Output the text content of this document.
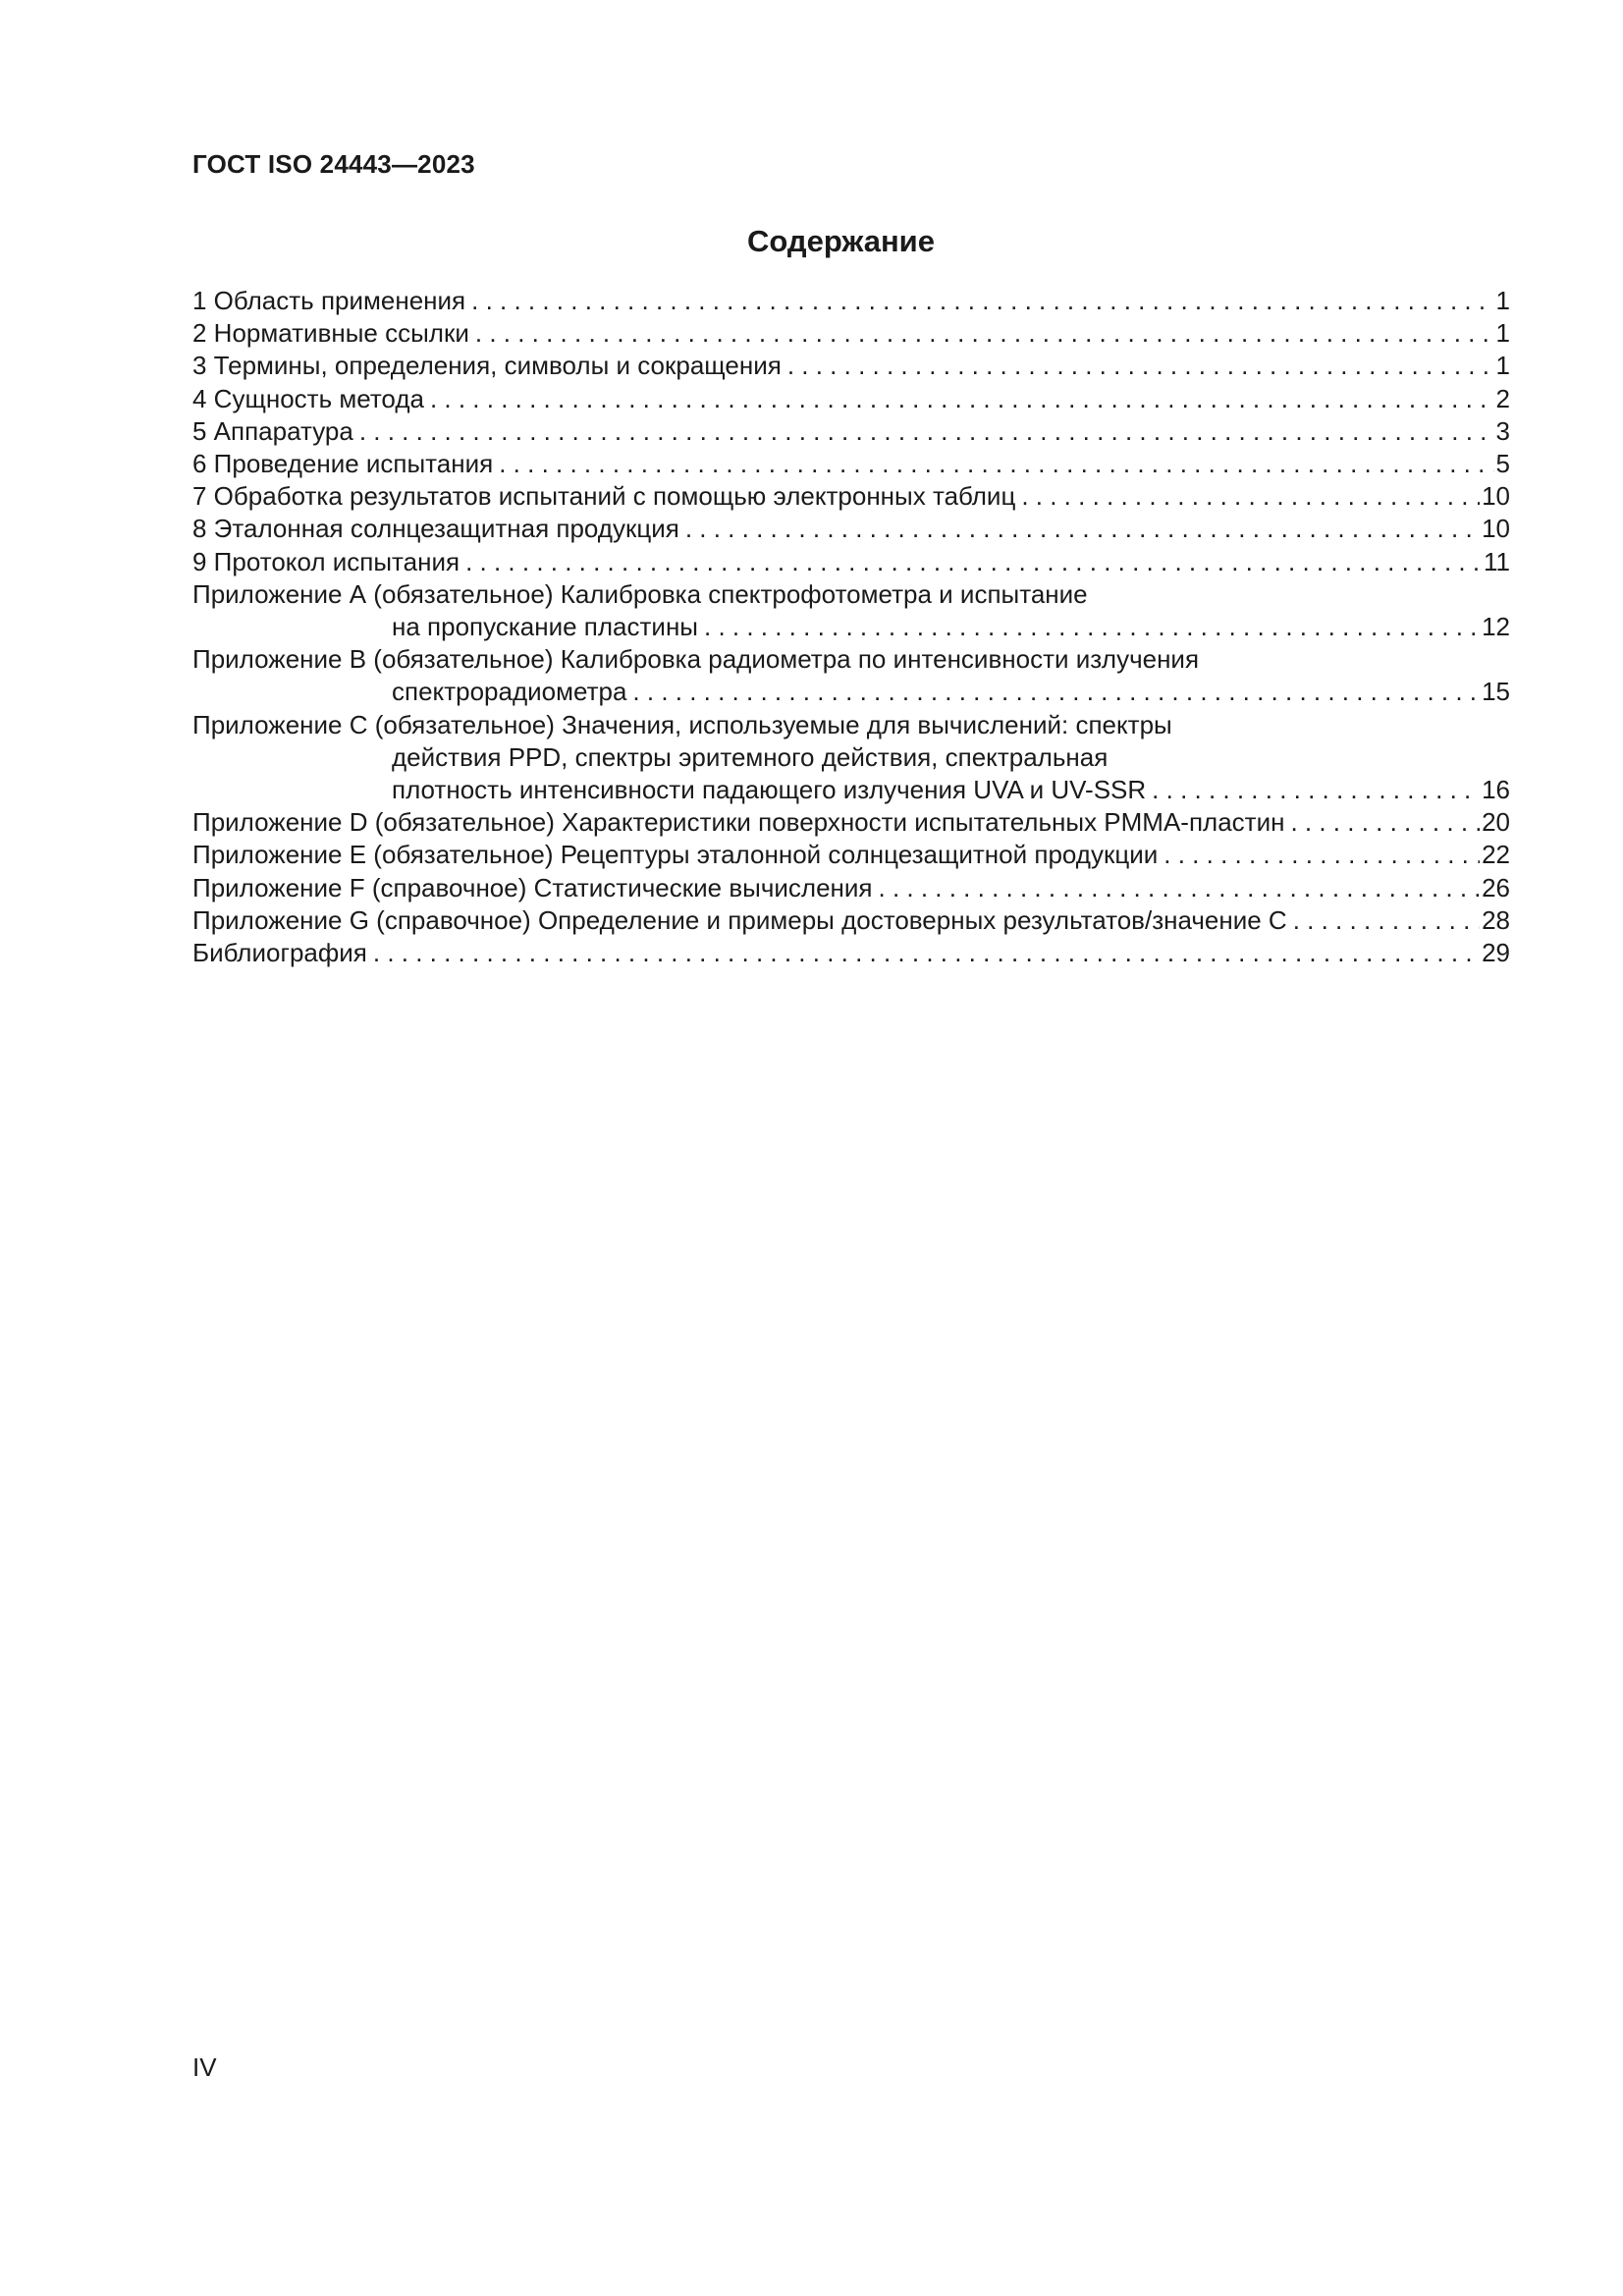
ГОСТ ISO 24443—2023
Содержание
1 Область применения . . .	1
2 Нормативные ссылки . . .	1
3 Термины, определения, символы и сокращения . . .	1
4 Сущность метода . . .	2
5 Аппаратура . . .	3
6 Проведение испытания . . .	5
7 Обработка результатов испытаний с помощью электронных таблиц . . .	10
8 Эталонная солнцезащитная продукция . . .	10
9 Протокол испытания . . .	11
Приложение А (обязательное) Калибровка спектрофотометра и испытание
на пропускание пластины . . .	12
Приложение В (обязательное) Калибровка радиометра по интенсивности излучения
спектрорадиометра . . .	15
Приложение С (обязательное) Значения, используемые для вычислений: спектры
действия PPD, спектры эритемного действия, спектральная
плотность интенсивности падающего излучения UVA и UV-SSR . . .	16
Приложение D (обязательное) Характеристики поверхности испытательных PMMA-пластин . . .	20
Приложение Е (обязательное) Рецептуры эталонной солнцезащитной продукции . . .	22
Приложение F (справочное) Статистические вычисления . . .	26
Приложение G (справочное) Определение и примеры достоверных результатов/значение С . . .	28
Библиография . . .	29
IV
